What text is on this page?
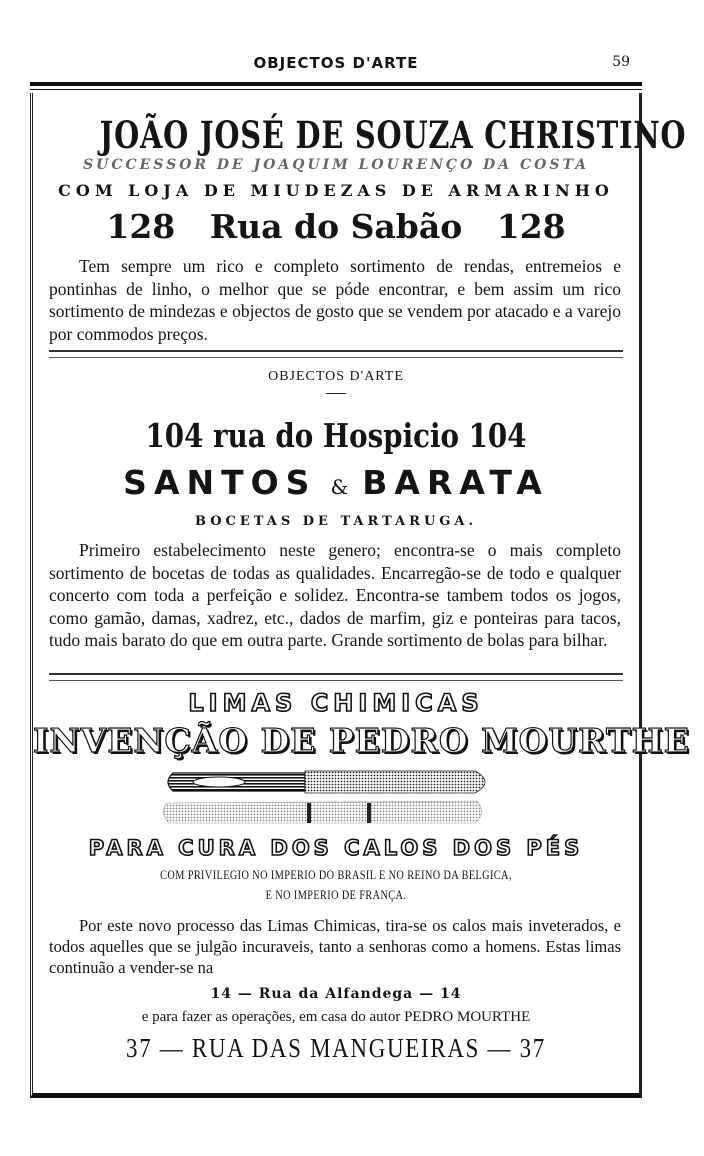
OBJECTOS D'ARTE	59
JOÃO JOSÉ DE SOUZA CHRISTINO
SUCCESSOR DE JOAQUIM LOURENÇO DA COSTA
COM LOJA DE MIUDEZAS DE ARMARINHO
128   Rua do Sabão   128
Tem sempre um rico e completo sortimento de rendas, entremeios e pontinhas de linho, o melhor que se póde encontrar, e bem assim um rico sortimento de mindezas e objectos de gosto que se vendem por atacado e a varejo por commodos preços.
OBJECTOS D'ARTE
104 rua do Hospicio 104
SANTOS & BARATA
BOCETAS DE TARTARUGA.
Primeiro estabelecimento neste genero; encontra-se o mais completo sortimento de bocetas de todas as qualidades. Encarregão-se de todo e qualquer concerto com toda a perfeição e solidez. Encontra-se tambem todos os jogos, como gamão, damas, xadrez, etc., dados de marfim, giz e ponteiras para tacos, tudo mais barato do que em outra parte. Grande sortimento de bolas para bilhar.
LIMAS CHIMICAS
INVENÇÃO DE PEDRO MOURTHE
PARA CURA DOS CALOS DOS PÉS
COM PRIVILEGIO NO IMPERIO DO BRASIL E NO REINO DA BELGICA,
E NO IMPERIO DE FRANÇA.
Por este novo processo das Limas Chimicas, tira-se os calos mais inveterados, e todos aquelles que se julgão incuraveis, tanto a senhoras como a homens. Estas limas continuão a vender-se na
14 — Rua da Alfandega — 14
e para fazer as operações, em casa do autor PEDRO MOURTHE
37 — RUA DAS MANGUEIRAS — 37
